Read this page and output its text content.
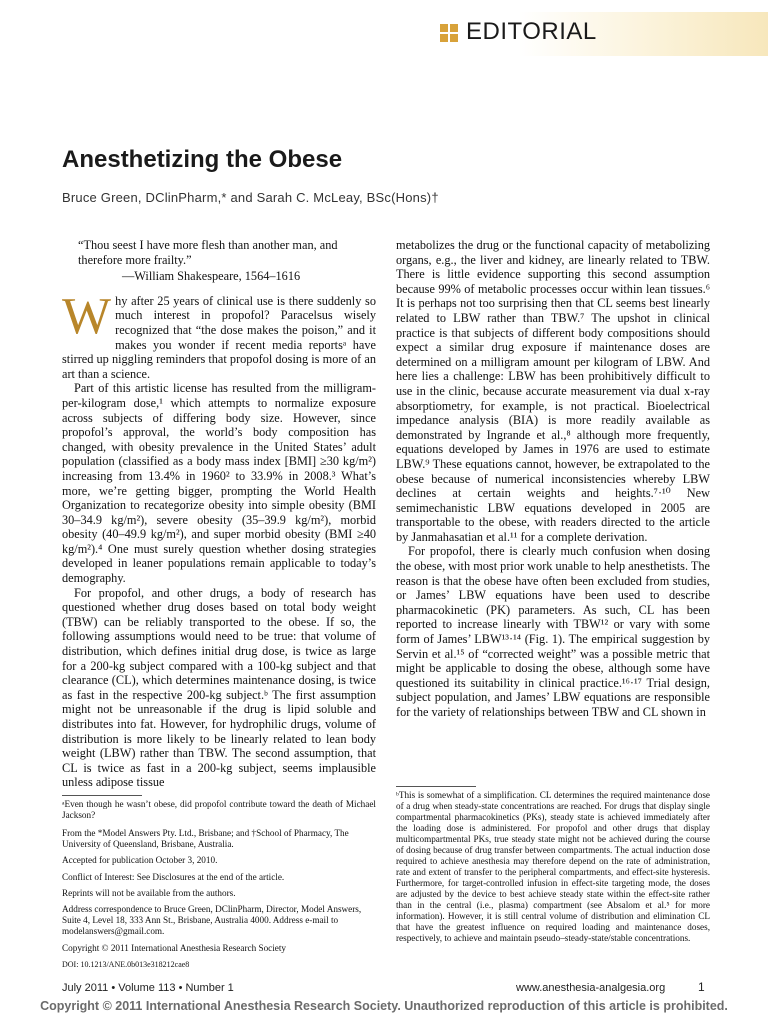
EDITORIAL
Anesthetizing the Obese
Bruce Green, DClinPharm,* and Sarah C. McLeay, BSc(Hons)†

“Thou seest I have more flesh than another man, and therefore more frailty.”

—William Shakespeare, 1564–1616

Why after 25 years of clinical use is there suddenly so much interest in propofol? Paracelsus wisely recognized that “the dose makes the poison,” and it makes you wonder if recent media reportsᵃ have stirred up niggling reminders that propofol dosing is more of an art than a science.

Part of this artistic license has resulted from the milligram-per-kilogram dose,¹ which attempts to normalize exposure across subjects of differing body size. However, since propofol’s approval, the world’s body composition has changed, with obesity prevalence in the United States’ adult population (classified as a body mass index [BMI] ≥30 kg/m²) increasing from 13.4% in 1960² to 33.9% in 2008.³ What’s more, we’re getting bigger, prompting the World Health Organization to recategorize obesity into simple obesity (BMI 30–34.9 kg/m²), severe obesity (35–39.9 kg/m²), morbid obesity (40–49.9 kg/m²), and super morbid obesity (BMI ≥40 kg/m²).⁴ One must surely question whether dosing strategies developed in leaner populations remain applicable to today’s demography.

For propofol, and other drugs, a body of research has questioned whether drug doses based on total body weight (TBW) can be reliably transported to the obese. If so, the following assumptions would need to be true: that volume of distribution, which defines initial drug dose, is twice as large for a 200-kg subject compared with a 100-kg subject and that clearance (CL), which determines maintenance dosing, is twice as fast in the respective 200-kg subject.ᵇ The first assumption might not be unreasonable if the drug is lipid soluble and distributes into fat. However, for hydrophilic drugs, volume of distribution is more likely to be linearly related to lean body weight (LBW) rather than TBW. The second assumption, that CL is twice as fast in a 200-kg subject, seems implausible unless adipose tissue

metabolizes the drug or the functional capacity of metabolizing organs, e.g., the liver and kidney, are linearly related to TBW. There is little evidence supporting this second assumption because 99% of metabolic processes occur within lean tissues.⁶ It is perhaps not too surprising then that CL seems best linearly related to LBW rather than TBW.⁷ The upshot in clinical practice is that subjects of different body compositions should expect a similar drug exposure if maintenance doses are determined on a milligram amount per kilogram of LBW. And here lies a challenge: LBW has been prohibitively difficult to use in the clinic, because accurate measurement via dual x-ray absorptiometry, for example, is not practical. Bioelectrical impedance analysis (BIA) is more readily available as demonstrated by Ingrande et al.,⁸ although more frequently, equations developed by James in 1976 are used to estimate LBW.⁹ These equations cannot, however, be extrapolated to the obese because of numerical inconsistencies whereby LBW declines at certain weights and heights.⁷·¹⁰ New semimechanistic LBW equations developed in 2005 are transportable to the obese, with readers directed to the article by Janmahasatian et al.¹¹ for a complete derivation.

For propofol, there is clearly much confusion when dosing the obese, with most prior work unable to help anesthetists. The reason is that the obese have often been excluded from studies, or James’ LBW equations have been used to describe pharmacokinetic (PK) parameters. As such, CL has been reported to increase linearly with TBW¹² or vary with some form of James’ LBW¹³·¹⁴ (Fig. 1). The empirical suggestion by Servin et al.¹⁵ of “corrected weight” was a possible metric that might be applicable to dosing the obese, although some have questioned its suitability in clinical practice.¹⁶·¹⁷ Trial design, subject population, and James’ LBW equations are responsible for the variety of relationships between TBW and CL shown in

ᵃEven though he wasn’t obese, did propofol contribute toward the death of Michael Jackson?
ᵇThis is somewhat of a simplification. CL determines the required maintenance dose of a drug when steady-state concentrations are reached. For drugs that display single compartmental pharmacokinetics (PKs), steady state is achieved immediately after the loading dose is administered. For propofol and other drugs that display multicompartmental PKs, true steady state might not be achieved during the course of dosing because of drug transfer between compartments. The actual induction dose required to achieve anesthesia may therefore depend on the rate of administration, rate and extent of transfer to the peripheral compartments, and effect-site hysteresis. Furthermore, for target-controlled infusion in effect-site targeting mode, the doses are adjusted by the device to best achieve steady state within the effect-site rather than in the central (i.e., plasma) compartment (see Absalom et al.⁵ for more information). However, it is still central volume of distribution and elimination CL that have the greatest influence on required loading and maintenance doses, respectively, to achieve and maintain pseudo–steady-state/stable concentrations.

From the *Model Answers Pty. Ltd., Brisbane; and †School of Pharmacy, The University of Queensland, Brisbane, Australia.

Accepted for publication October 3, 2010.

Conflict of Interest: See Disclosures at the end of the article.

Reprints will not be available from the authors.

Address correspondence to Bruce Green, DClinPharm, Director, Model Answers, Suite 4, Level 18, 333 Ann St., Brisbane, Australia 4000. Address e-mail to modelanswers@gmail.com.

Copyright © 2011 International Anesthesia Research Society

DOI: 10.1213/ANE.0b013e318212cae8

July 2011 • Volume 113 • Number 1	www.anesthesia-analgesia.org	1
Copyright © 2011 International Anesthesia Research Society. Unauthorized reproduction of this article is prohibited.
